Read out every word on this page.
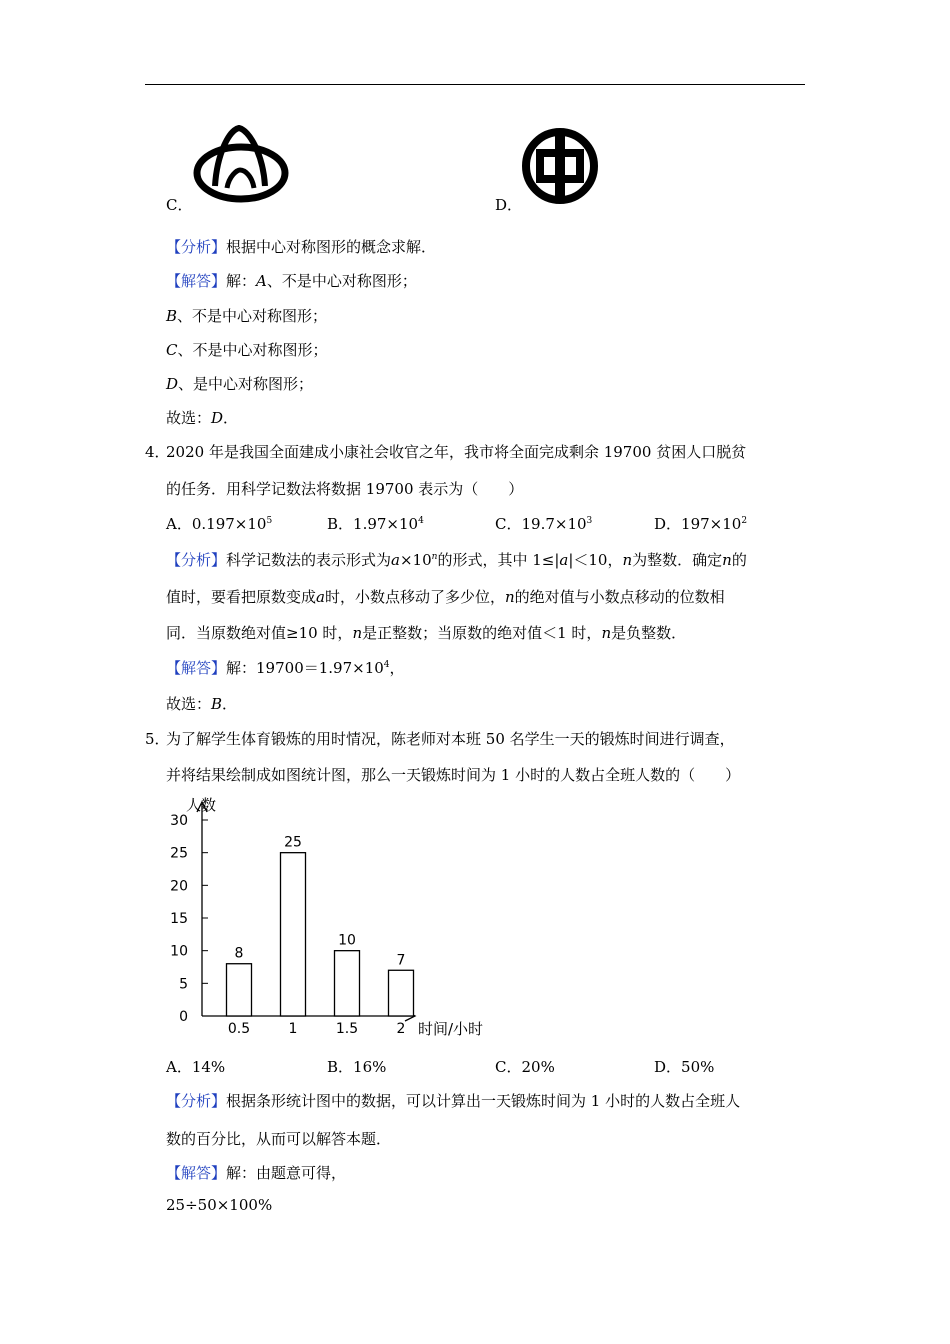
C．	D．
【分析】根据中心对称图形的概念求解．
【解答】解：A、不是中心对称图形；
B、不是中心对称图形；
C、不是中心对称图形；
D、是中心对称图形；
故选：D．
4．
2020 年是我国全面建成小康社会收官之年，我市将全面完成剩余 19700 贫困人口脱贫
的任务．用科学记数法将数据 19700 表示为（　　）
A．$0.197\times 10^5$	B．$1.97\times 10^4$	C．$19.7\times 10^3$	D．$197\times 10^2$
【分析】科学记数法的表示形式为$a\times 10^n$的形式，其中 1≤|a|＜10，n为整数．确定n的
值时，要看把原数变成a时，小数点移动了多少位，n的绝对值与小数点移动的位数相
同．当原数绝对值≥10 时，n是正整数；当原数的绝对值＜1 时，n是负整数．
【解答】解：$19700=1.97\times 10^4$，
故选：B．
5．
为了解学生体育锻炼的用时情况，陈老师对本班 50 名学生一天的锻炼时间进行调查，
并将结果绘制成如图统计图，那么一天锻炼时间为 1 小时的人数占全班人数的（　　）
0
5
10
15
20
25
30
8
25
10
7
0.5	1	1.5	2
人数
时间/小时
A．14%	B．16%	C．20%	D．50%
【分析】根据条形统计图中的数据，可以计算出一天锻炼时间为 1 小时的人数占全班人
数的百分比，从而可以解答本题．
【解答】解：由题意可得，
25÷50×100%
